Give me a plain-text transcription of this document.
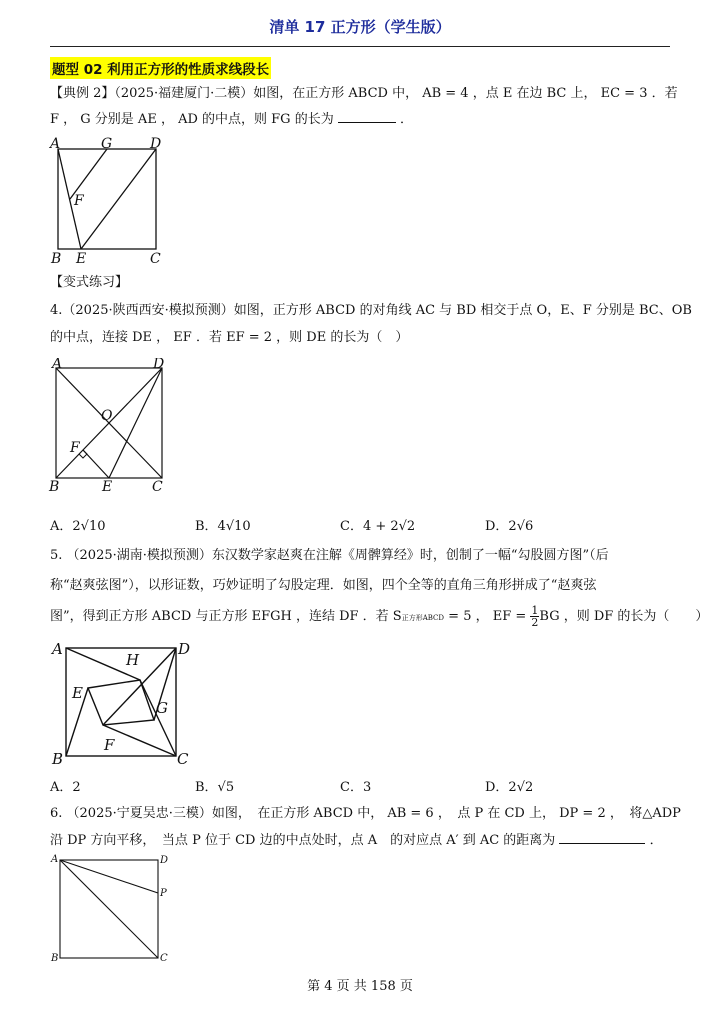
清单 17 正方形（学生版）
题型 02 利用正方形的性质求线段长
【典例 2】（2025·福建厦门·二模）如图，在正方形 ABCD 中， AB = 4 ，点 E 在边 BC 上， EC = 3 ．若
F ， G 分别是 AE ， AD 的中点，则 FG 的长为	．
A	G	D
F
B E	C
【变式练习】
4.（2025·陕西西安·模拟预测）如图，正方形 ABCD 的对角线 AC 与 BD 相交于点 O，E、F 分别是 BC、OB
的中点，连接 DE ， EF ．若 EF = 2 ，则 DE 的长为（　）
A	D
O
F
B	E	C
A．2√10	B．4√10	C．4 + 2√2	D．2√6
5. （2025·湖南·模拟预测）东汉数学家赵爽在注解《周髀算经》时，创制了一幅“勾股圆方图”（后
称“赵爽弦图”），以形证数，巧妙证明了勾股定理．如图，四个全等的直角三角形拼成了“赵爽弦
图”，得到正方形 ABCD 与正方形 EFGH ，连结 DF ．若 S正方形ABCD = 5 ， EF = $\frac{1}{2}$ BG ，则 DF 的长为（　　）
A
H
D
E
G
F
B	C
A．2	B．√5	C．3	D．2√2
6. （2025·宁夏吴忠·三模）如图，　在正方形 ABCD 中， AB = 6 ，　点 P 在 CD 上， DP = 2 ，　将△ADP
沿 DP 方向平移，　当点 P 位于 CD 边的中点处时，点 A　的对应点 A′ 到 AC 的距离为	．
A	D
P
B	C
第 4 页 共 158 页
